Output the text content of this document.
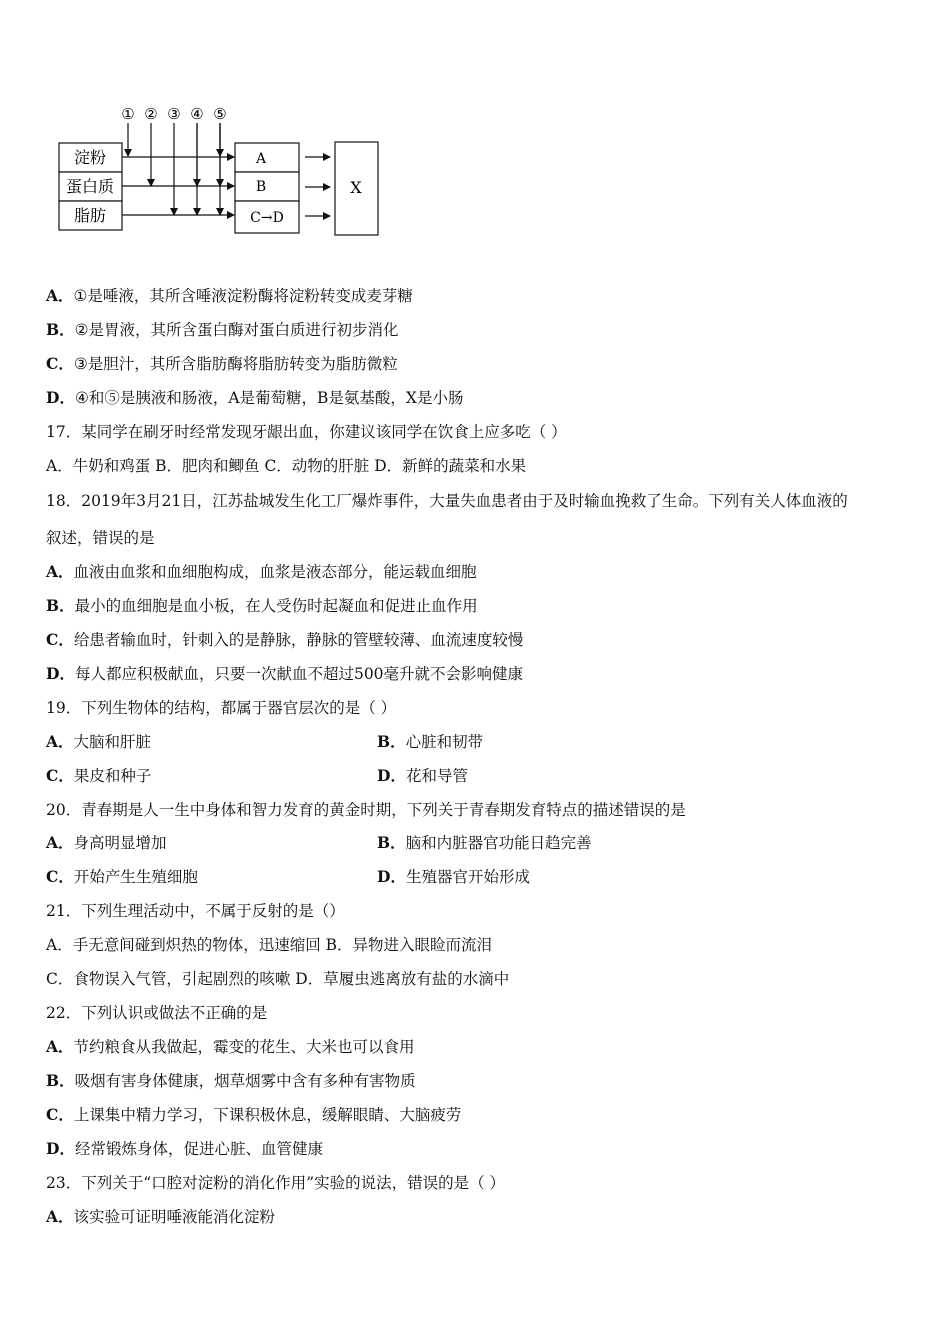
① ② ③ ④ ⑤
淀粉
蛋白质
脂肪
A
B
C→D
X
A．①是唾液，其所含唾液淀粉酶将淀粉转变成麦芽糖
B．②是胃液，其所含蛋白酶对蛋白质进行初步消化
C．③是胆汁，其所含脂肪酶将脂肪转变为脂肪微粒
D．④和⑤是胰液和肠液，A是葡萄糖，B是氨基酸，X是小肠
17．某同学在刷牙时经常发现牙龈出血，你建议该同学在饮食上应多吃（ ）
A．牛奶和鸡蛋 B．肥肉和鲫鱼 C．动物的肝脏 D．新鲜的蔬菜和水果
18．2019年3月21日，江苏盐城发生化工厂爆炸事件，大量失血患者由于及时输血挽救了生命。下列有关人体血液的
叙述，错误的是
A．血液由血浆和血细胞构成，血浆是液态部分，能运载血细胞
B．最小的血细胞是血小板，在人受伤时起凝血和促进止血作用
C．给患者输血时，针刺入的是静脉，静脉的管壁较薄、血流速度较慢
D．每人都应积极献血，只要一次献血不超过500毫升就不会影响健康
19．下列生物体的结构，都属于器官层次的是（ ）
A．大脑和肝脏	B．心脏和韧带
C．果皮和种子	D．花和导管
20．青春期是人一生中身体和智力发育的黄金时期，下列关于青春期发育特点的描述错误的是
A．身高明显增加	B．脑和内脏器官功能日趋完善
C．开始产生生殖细胞	D．生殖器官开始形成
21．下列生理活动中，不属于反射的是（）
A．手无意间碰到炽热的物体，迅速缩回 B．异物进入眼睑而流泪
C．食物误入气管，引起剧烈的咳嗽 D．草履虫逃离放有盐的水滴中
22．下列认识或做法不正确的是
A．节约粮食从我做起，霉变的花生、大米也可以食用
B．吸烟有害身体健康，烟草烟雾中含有多种有害物质
C．上课集中精力学习，下课积极休息，缓解眼睛、大脑疲劳
D．经常锻炼身体，促进心脏、血管健康
23．下列关于“口腔对淀粉的消化作用”实验的说法，错误的是（ ）
A．该实验可证明唾液能消化淀粉
